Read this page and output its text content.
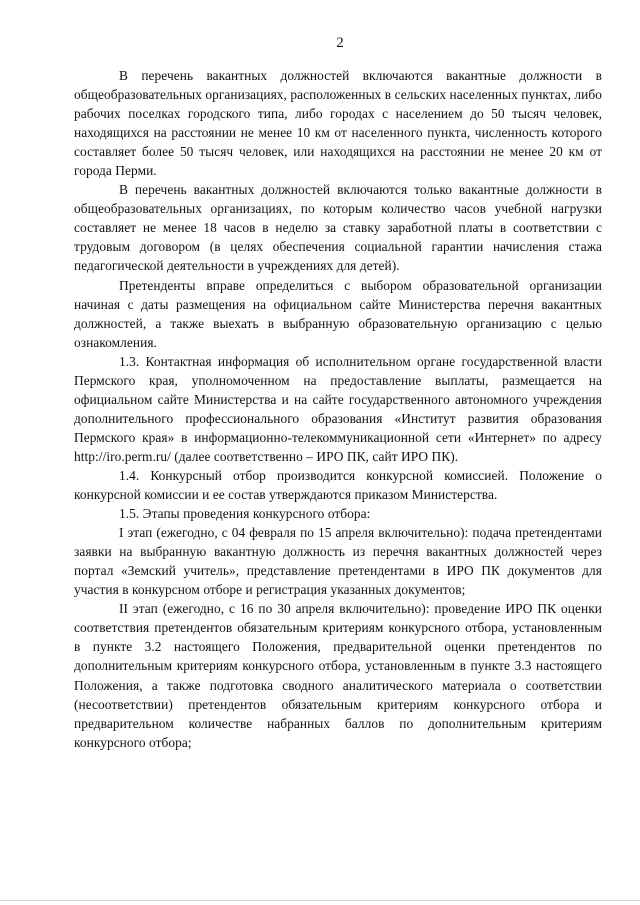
2

В перечень вакантных должностей включаются вакантные должности в общеобразовательных организациях, расположенных в сельских населенных пунктах, либо рабочих поселках городского типа, либо городах с населением до 50 тысяч человек, находящихся на расстоянии не менее 10 км от населенного пункта, численность которого составляет более 50 тысяч человек, или находящихся на расстоянии не менее 20 км от города Перми.

В перечень вакантных должностей включаются только вакантные должности в общеобразовательных организациях, по которым количество часов учебной нагрузки составляет не менее 18 часов в неделю за ставку заработной платы в соответствии с трудовым договором (в целях обеспечения социальной гарантии начисления стажа педагогической деятельности в учреждениях для детей).

Претенденты вправе определиться с выбором образовательной организации начиная с даты размещения на официальном сайте Министерства перечня вакантных должностей, а также выехать в выбранную образовательную организацию с целью ознакомления.

1.3. Контактная информация об исполнительном органе государственной власти Пермского края, уполномоченном на предоставление выплаты, размещается на официальном сайте Министерства и на сайте государственного автономного учреждения дополнительного профессионального образования «Институт развития образования Пермского края» в информационно-телекоммуникационной сети «Интернет» по адресу http://iro.perm.ru/ (далее соответственно – ИРО ПК, сайт ИРО ПК).

1.4. Конкурсный отбор производится конкурсной комиссией. Положение о конкурсной комиссии и ее состав утверждаются приказом Министерства.

1.5. Этапы проведения конкурсного отбора:

I этап (ежегодно, с 04 февраля по 15 апреля включительно): подача претендентами заявки на выбранную вакантную должность из перечня вакантных должностей через портал «Земский учитель», представление претендентами в ИРО ПК документов для участия в конкурсном отборе и регистрация указанных документов;

II этап (ежегодно, с 16 по 30 апреля включительно): проведение ИРО ПК оценки соответствия претендентов обязательным критериям конкурсного отбора, установленным в пункте 3.2 настоящего Положения, предварительной оценки претендентов по дополнительным критериям конкурсного отбора, установленным в пункте 3.3 настоящего Положения, а также подготовка сводного аналитического материала о соответствии (несоответствии) претендентов обязательным критериям конкурсного отбора и предварительном количестве набранных баллов по дополнительным критериям конкурсного отбора;
